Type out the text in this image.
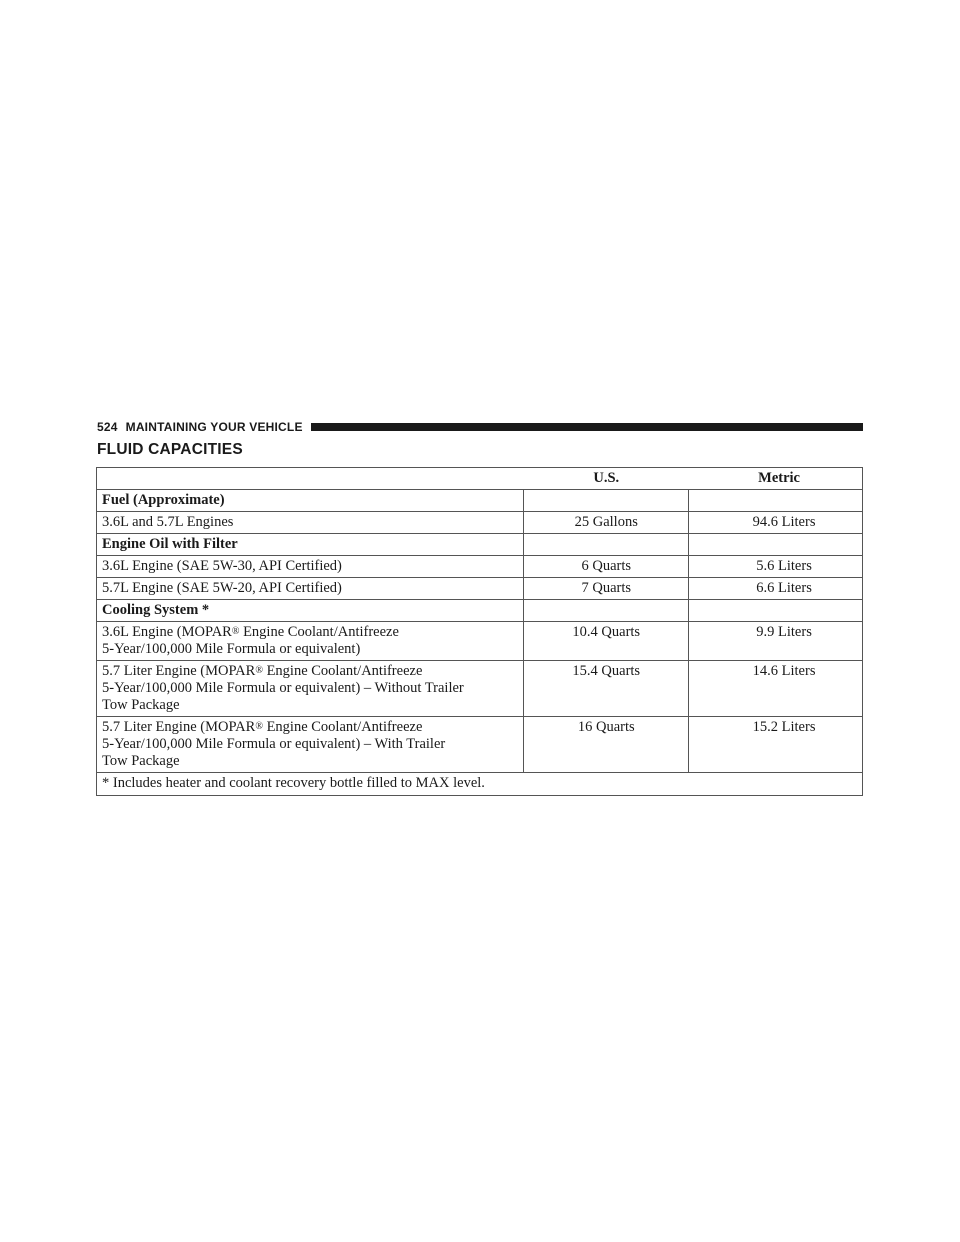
524 MAINTAINING YOUR VEHICLE
FLUID CAPACITIES
	U.S.	Metric
Fuel (Approximate)		
3.6L and 5.7L Engines	25 Gallons	94.6 Liters
Engine Oil with Filter		
3.6L Engine (SAE 5W-30, API Certified)	6 Quarts	5.6 Liters
5.7L Engine (SAE 5W-20, API Certified)	7 Quarts	6.6 Liters
Cooling System *		
3.6L Engine (MOPAR® Engine Coolant/Antifreeze
5-Year/100,000 Mile Formula or equivalent)	10.4 Quarts	9.9 Liters
5.7 Liter Engine (MOPAR® Engine Coolant/Antifreeze
5-Year/100,000 Mile Formula or equivalent) – Without Trailer
Tow Package	15.4 Quarts	14.6 Liters
5.7 Liter Engine (MOPAR® Engine Coolant/Antifreeze
5-Year/100,000 Mile Formula or equivalent) – With Trailer
Tow Package	16 Quarts	15.2 Liters
* Includes heater and coolant recovery bottle filled to MAX level.		
